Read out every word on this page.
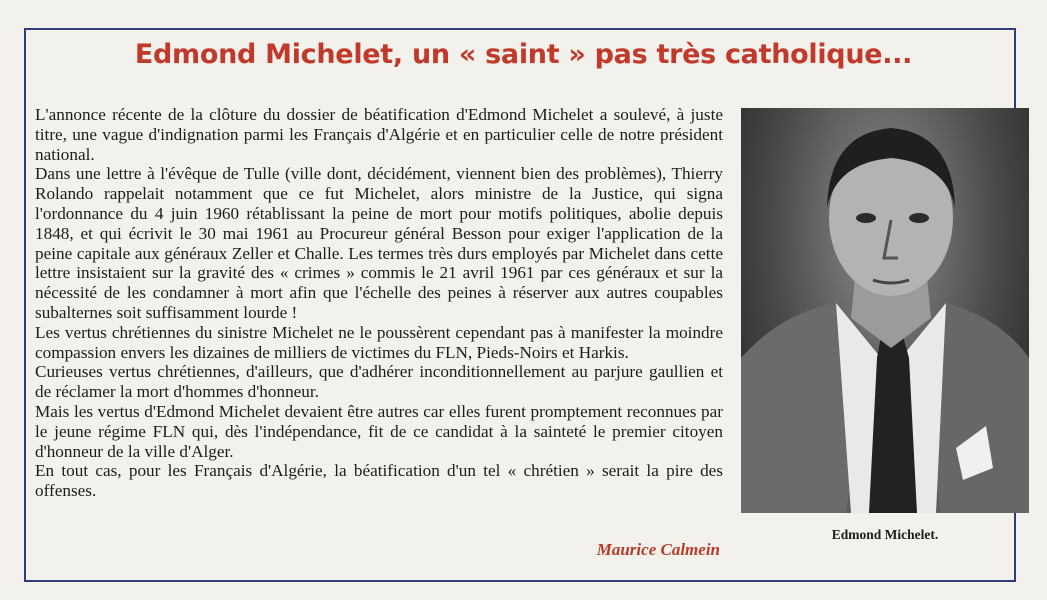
Edmond Michelet, un « saint » pas très catholique...

L'annonce récente de la clôture du dossier de béatification d'Edmond Michelet a soulevé, à juste titre, une vague d'indignation parmi les Français d'Algérie et en particulier celle de notre président national.

Dans une lettre à l'évêque de Tulle (ville dont, décidément, viennent bien des problèmes), Thierry Rolando rappelait notamment que ce fut Michelet, alors ministre de la Justice, qui signa l'ordonnance du 4 juin 1960 rétablissant la peine de mort pour motifs politiques, abolie depuis 1848, et qui écrivit le 30 mai 1961 au Procureur général Besson pour exiger l'application de la peine capitale aux généraux Zeller et Challe. Les termes très durs employés par Michelet dans cette lettre insistaient sur la gravité des « crimes » commis le 21 avril 1961 par ces généraux et sur la nécessité de les condamner à mort afin que l'échelle des peines à réserver aux autres coupables subalternes soit suffisamment lourde !

Les vertus chrétiennes du sinistre Michelet ne le poussèrent cependant pas à manifester la moindre compassion envers les dizaines de milliers de victimes du FLN, Pieds-Noirs et Harkis.

Curieuses vertus chrétiennes, d'ailleurs, que d'adhérer inconditionnellement au parjure gaullien et de réclamer la mort d'hommes d'honneur.

Mais les vertus d'Edmond Michelet devaient être autres car elles furent promptement reconnues par le jeune régime FLN qui, dès l'indépendance, fit de ce candidat à la sainteté le premier citoyen d'honneur de la ville d'Alger.

En tout cas, pour les Français d'Algérie, la béatification d'un tel « chrétien » serait la pire des offenses.

Maurice Calmein
Edmond Michelet.
